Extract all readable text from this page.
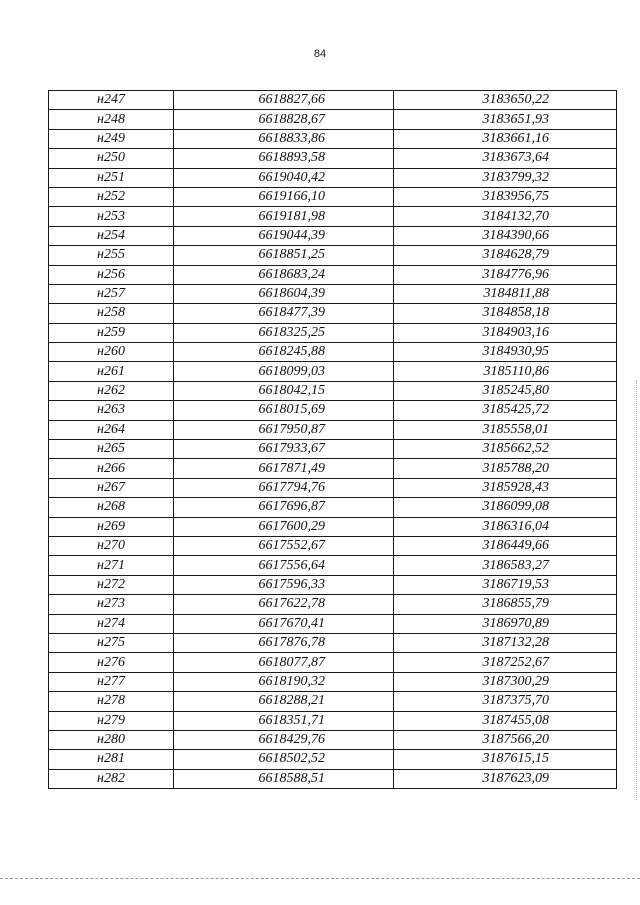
84
н247	6618827,66	3183650,22
н248	6618828,67	3183651,93
н249	6618833,86	3183661,16
н250	6618893,58	3183673,64
н251	6619040,42	3183799,32
н252	6619166,10	3183956,75
н253	6619181,98	3184132,70
н254	6619044,39	3184390,66
н255	6618851,25	3184628,79
н256	6618683,24	3184776,96
н257	6618604,39	3184811,88
н258	6618477,39	3184858,18
н259	6618325,25	3184903,16
н260	6618245,88	3184930,95
н261	6618099,03	3185110,86
н262	6618042,15	3185245,80
н263	6618015,69	3185425,72
н264	6617950,87	3185558,01
н265	6617933,67	3185662,52
н266	6617871,49	3185788,20
н267	6617794,76	3185928,43
н268	6617696,87	3186099,08
н269	6617600,29	3186316,04
н270	6617552,67	3186449,66
н271	6617556,64	3186583,27
н272	6617596,33	3186719,53
н273	6617622,78	3186855,79
н274	6617670,41	3186970,89
н275	6617876,78	3187132,28
н276	6618077,87	3187252,67
н277	6618190,32	3187300,29
н278	6618288,21	3187375,70
н279	6618351,71	3187455,08
н280	6618429,76	3187566,20
н281	6618502,52	3187615,15
н282	6618588,51	3187623,09
